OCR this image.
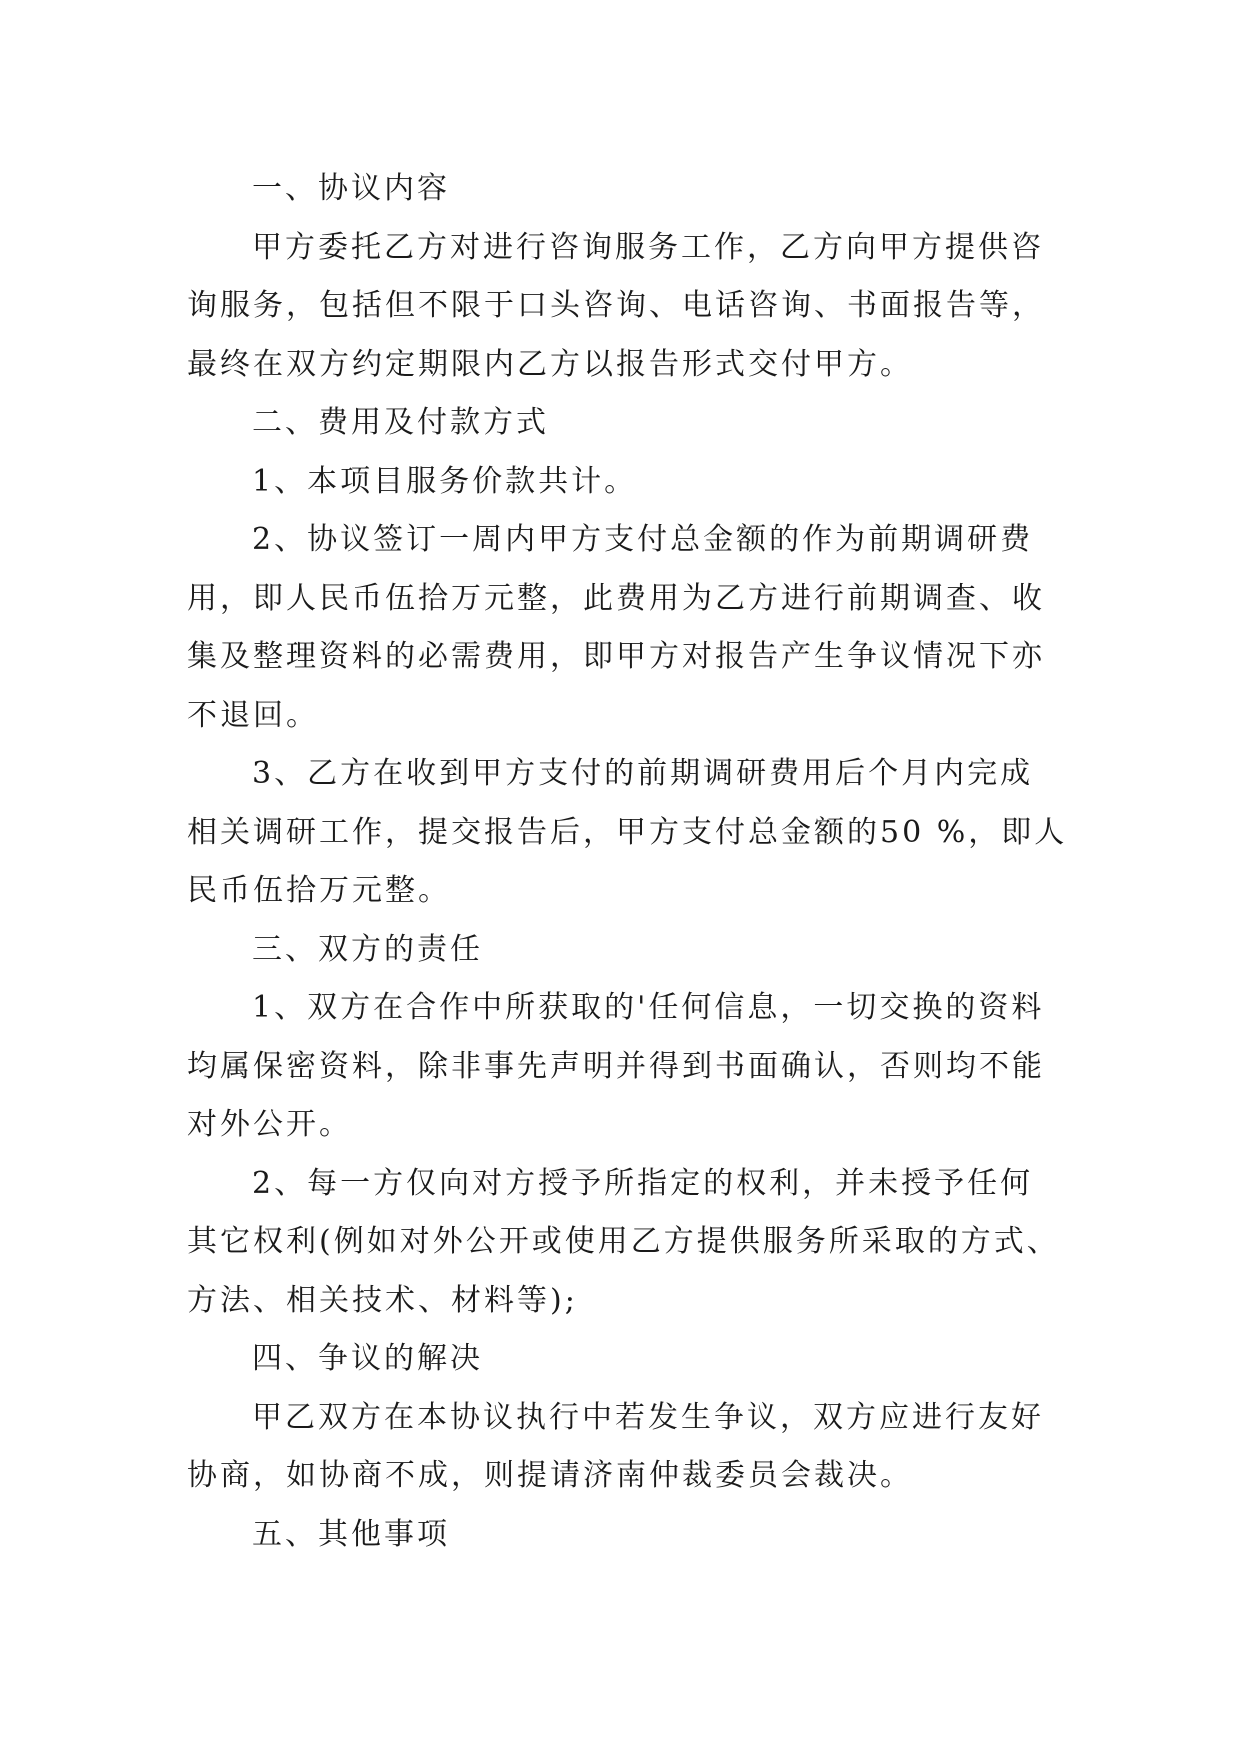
一、协议内容
甲方委托乙方对进行咨询服务工作，乙方向甲方提供咨
询服务，包括但不限于口头咨询、电话咨询、书面报告等，
最终在双方约定期限内乙方以报告形式交付甲方。
二、费用及付款方式
1、本项目服务价款共计。
2、协议签订一周内甲方支付总金额的作为前期调研费
用，即人民币伍拾万元整，此费用为乙方进行前期调查、收
集及整理资料的必需费用，即甲方对报告产生争议情况下亦
不退回。
3、乙方在收到甲方支付的前期调研费用后个月内完成
相关调研工作，提交报告后，甲方支付总金额的50 %，即人
民币伍拾万元整。
三、双方的责任
1、双方在合作中所获取的'任何信息，一切交换的资料
均属保密资料，除非事先声明并得到书面确认，否则均不能
对外公开。
2、每一方仅向对方授予所指定的权利，并未授予任何
其它权利(例如对外公开或使用乙方提供服务所采取的方式、
方法、相关技术、材料等);
四、争议的解决
甲乙双方在本协议执行中若发生争议，双方应进行友好
协商，如协商不成，则提请济南仲裁委员会裁决。
五、其他事项
